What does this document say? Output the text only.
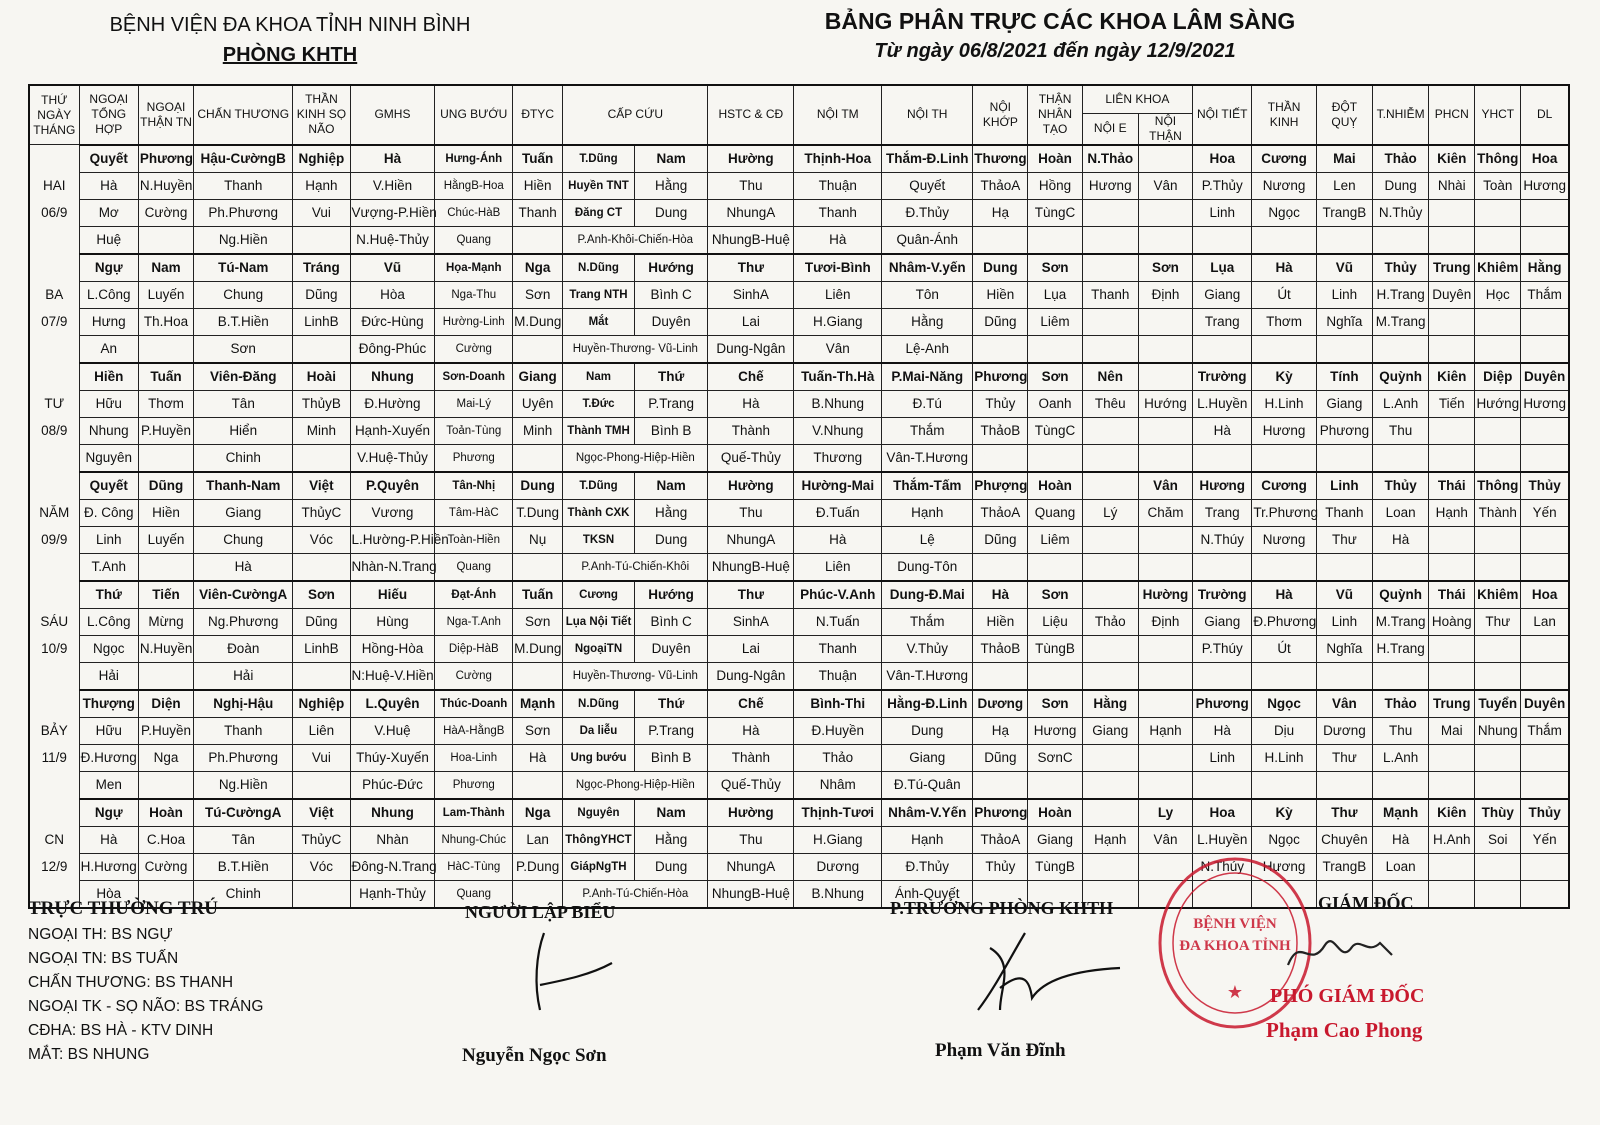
BỆNH VIỆN ĐA KHOA TỈNH NINH BÌNH
PHÒNG KHTH
BẢNG PHÂN TRỰC CÁC KHOA LÂM SÀNG
Từ ngày 06/8/2021 đến ngày 12/9/2021
THỨ NGÀY THÁNG	NGOẠI TỔNG HỢP	NGOẠI THẬN TN	CHẤN THƯƠNG	THẦN KINH SỌ NÃO	GMHS	UNG BƯỚU	ĐTYC	CẤP CỨU		HSTC & CĐ	NỘI TM	NỘI TH	NỘI KHỚP	THẬN NHÂN TẠO	LIÊN KHOA		NỘI TIẾT	THẦN KINH	ĐỘT QUỴ	T.NHIỄM	PHCN	YHCT	DL
															NỘI E	NỘI THẬN							
	Quyết	Phương	Hậu-CườngB	Nghiệp	Hà	Hưng-Ánh	Tuấn	T.Dũng	Nam	Hường	Thịnh-Hoa	Thắm-Đ.Linh	Thương	Hoàn	N.Thảo		Hoa	Cương	Mai	Thảo	Kiên	Thông	Hoa
HAI	Hà	N.Huyền	Thanh	Hạnh	V.Hiền	HằngB-Hoa	Hiền	Huyền TNT	Hằng	Thu	Thuận	Quyết	ThảoA	Hồng	Hương	Vân	P.Thủy	Nương	Len	Dung	Nhài	Toàn	Hương
06/9	Mơ	Cường	Ph.Phương	Vui	Vượng-P.Hiền	Chúc-HàB	Thanh	Đăng CT	Dung	NhungA	Thanh	Đ.Thủy	Hạ	TùngC			Linh	Ngọc	TrangB	N.Thủy			
	Huệ		Ng.Hiền		N.Huệ-Thủy	Quang		P.Anh-Khôi-Chiến-Hòa		NhungB-Huệ	Hà	Quân-Ánh											
	Ngự	Nam	Tú-Nam	Tráng	Vũ	Họa-Mạnh	Nga	N.Dũng	Hướng	Thư	Tươi-Bình	Nhâm-V.yến	Dung	Sơn		Sơn	Lụa	Hà	Vũ	Thủy	Trung	Khiêm	Hằng
BA	L.Công	Luyến	Chung	Dũng	Hòa	Nga-Thu	Sơn	Trang NTH	Bình C	SinhA	Liên	Tôn	Hiền	Lụa	Thanh	Định	Giang	Út	Linh	H.Trang	Duyên	Học	Thắm
07/9	Hưng	Th.Hoa	B.T.Hiền	LinhB	Đức-Hùng	Hường-Linh	M.Dung	Mắt	Duyên	Lai	H.Giang	Hằng	Dũng	Liêm			Trang	Thơm	Nghĩa	M.Trang			
	An		Sơn		Đông-Phúc	Cường		Huyền-Thương- Vũ-Linh		Dung-Ngân	Vân	Lệ-Anh											
	Hiền	Tuấn	Viên-Đăng	Hoài	Nhung	Sơn-Doanh	Giang	Nam	Thứ	Chế	Tuấn-Th.Hà	P.Mai-Năng	Phương	Sơn	Nên		Trường	Kỳ	Tính	Quỳnh	Kiên	Diệp	Duyên
TƯ	Hữu	Thơm	Tân	ThủyB	Đ.Hường	Mai-Lý	Uyên	T.Đức	P.Trang	Hà	B.Nhung	Đ.Tú	Thủy	Oanh	Thêu	Hướng	L.Huyền	H.Linh	Giang	L.Anh	Tiến	Hướng	Hương
08/9	Nhung	P.Huyền	Hiển	Minh	Hạnh-Xuyến	Toản-Tùng	Minh	Thành TMH	Bình B	Thành	V.Nhung	Thắm	ThảoB	TùngC			Hà	Hương	Phương	Thu			
	Nguyên		Chinh		V.Huệ-Thủy	Phương		Ngọc-Phong-Hiệp-Hiền		Quế-Thủy	Thương	Vân-T.Hương											
	Quyết	Dũng	Thanh-Nam	Việt	P.Quyên	Tân-Nhị	Dung	T.Dũng	Nam	Hường	Hường-Mai	Thắm-Tấm	Phượng	Hoàn		Vân	Hương	Cương	Linh	Thủy	Thái	Thông	Thủy
NĂM	Đ. Công	Hiền	Giang	ThủyC	Vương	Tâm-HàC	T.Dung	Thành CXK	Hằng	Thu	Đ.Tuấn	Hạnh	ThảoA	Quang	Lý	Chăm	Trang	Tr.Phương	Thanh	Loan	Hạnh	Thành	Yến
09/9	Linh	Luyến	Chung	Vóc	L.Hường-P.Hiền	Toàn-Hiền	Nụ	TKSN	Dung	NhungA	Hà	Lệ	Dũng	Liêm			N.Thúy	Nương	Thư	Hà			
	T.Anh		Hà		Nhàn-N.Trang	Quang		P.Anh-Tú-Chiến-Khôi		NhungB-Huệ	Liên	Dung-Tôn											
	Thứ	Tiến	Viên-CườngA	Sơn	Hiếu	Đạt-Ánh	Tuấn	Cương	Hướng	Thư	Phúc-V.Anh	Dung-Đ.Mai	Hà	Sơn		Hường	Trường	Hà	Vũ	Quỳnh	Thái	Khiêm	Hoa
SÁU	L.Công	Mừng	Ng.Phương	Dũng	Hùng	Nga-T.Anh	Sơn	Lụa Nội Tiết	Bình C	SinhA	N.Tuấn	Thắm	Hiền	Liệu	Thảo	Định	Giang	Đ.Phương	Linh	M.Trang	Hoàng	Thư	Lan
10/9	Ngọc	N.Huyền	Đoàn	LinhB	Hồng-Hòa	Diệp-HàB	M.Dung	NgoạiTN	Duyên	Lai	Thanh	V.Thủy	ThảoB	TùngB			P.Thúy	Út	Nghĩa	H.Trang			
	Hải		Hải		N:Huệ-V.Hiền	Cường		Huyền-Thương- Vũ-Linh		Dung-Ngân	Thuận	Vân-T.Hương											
	Thượng	Diện	Nghị-Hậu	Nghiệp	L.Quyên	Thúc-Doanh	Mạnh	N.Dũng	Thứ	Chế	Bình-Thi	Hằng-Đ.Linh	Dương	Sơn	Hằng		Phương	Ngọc	Vân	Thảo	Trung	Tuyển	Duyên
BẢY	Hữu	P.Huyền	Thanh	Liên	V.Huệ	HàA-HằngB	Sơn	Da liễu	P.Trang	Hà	Đ.Huyền	Dung	Hạ	Hương	Giang	Hạnh	Hà	Dịu	Dương	Thu	Mai	Nhung	Thắm
11/9	Đ.Hương	Nga	Ph.Phương	Vui	Thúy-Xuyến	Hoa-Linh	Hà	Ung bướu	Bình B	Thành	Thảo	Giang	Dũng	SơnC			Linh	H.Linh	Thư	L.Anh			
	Men		Ng.Hiền		Phúc-Đức	Phương		Ngọc-Phong-Hiệp-Hiền		Quế-Thủy	Nhâm	Đ.Tú-Quân											
	Ngự	Hoàn	Tú-CườngA	Việt	Nhung	Lam-Thành	Nga	Nguyên	Nam	Hường	Thịnh-Tươi	Nhâm-V.Yến	Phương	Hoàn		Ly	Hoa	Kỳ	Thư	Mạnh	Kiên	Thùy	Thủy
CN	Hà	C.Hoa	Tân	ThủyC	Nhàn	Nhung-Chúc	Lan	ThôngYHCT	Hằng	Thu	H.Giang	Hạnh	ThảoA	Giang	Hạnh	Vân	L.Huyền	Ngọc	Chuyên	Hà	H.Anh	Soi	Yến
12/9	H.Hương	Cường	B.T.Hiền	Vóc	Đông-N.Trang	HàC-Tùng	P.Dung	GiápNgTH	Dung	NhungA	Dương	Đ.Thủy	Thủy	TùngB			N.Thúy	Hương	TrangB	Loan			
	Hòa		Chinh		Hạnh-Thủy	Quang		P.Anh-Tú-Chiến-Hòa		NhungB-Huệ	B.Nhung	Ánh-Quyết											
TRỰC THƯỜNG TRÚ
NGOẠI TH: BS NGỰ
NGOẠI TN: BS TUẤN
CHẤN THƯƠNG: BS THANH
NGOẠI TK - SỌ NÃO: BS TRÁNG
CĐHA: BS HÀ - KTV DINH
MẮT: BS NHUNG
NGƯỜI LẬP BIỂU
Nguyễn Ngọc Sơn
P.TRƯỞNG PHÒNG KHTH
Phạm Văn Đĩnh
BỆNH VIỆN
ĐA KHOA TỈNH
★
GIÁM ĐỐC
PHÓ GIÁM ĐỐC
Phạm Cao Phong
